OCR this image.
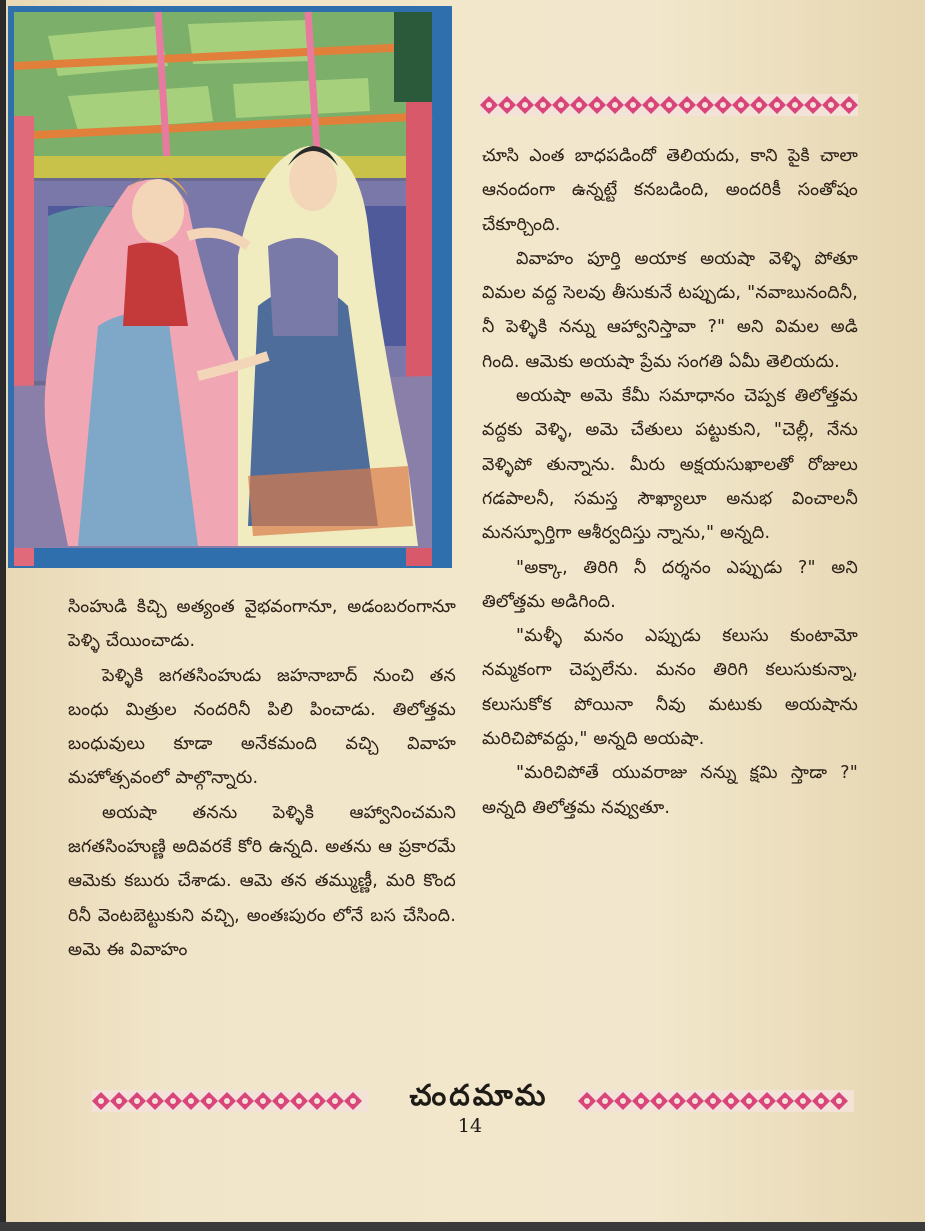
చూసి ఎంత బాధపడిందో తెలియదు, కాని పైకి చాలా ఆనందంగా ఉన్నట్టే కనబడింది, అందరికీ సంతోషం చేకూర్చింది.

వివాహం పూర్తి అయాక అయషా వెళ్ళి పోతూ విమల వద్ద సెలవు తీసుకునే టప్పుడు, "నవాబునందినీ, నీ పెళ్ళికి నన్ను ఆహ్వానిస్తావా ?" అని విమల అడి గింది. ఆమెకు అయషా ప్రేమ సంగతి ఏమీ తెలియదు.

అయషా అమె కేమీ సమాధానం చెప్పక తిలోత్తమ వద్దకు వెళ్ళి, అమె చేతులు పట్టుకుని, "చెల్లీ, నేను వెళ్ళిపో తున్నాను. మీరు అక్షయసుఖాలతో రోజులు గడపాలనీ, సమస్త సౌఖ్యాలూ అనుభ వించాలనీ మనస్ఫూర్తిగా ఆశీర్వదిస్తు న్నాను," అన్నది.

"అక్కా, తిరిగి నీ దర్శనం ఎప్పుడు ?" అని తిలోత్తమ అడిగింది.

"మళ్ళీ మనం ఎప్పుడు కలుసు కుంటామో నమ్మకంగా చెప్పలేను. మనం తిరిగి కలుసుకున్నా, కలుసుకోక పోయినా నీవు మటుకు అయషాను మరిచిపోవద్దు," అన్నది అయషా.

"మరిచిపోతే యువరాజు నన్ను క్షమి స్తాడా ?" అన్నది తిలోత్తమ నవ్వుతూ.

సింహుడి కిచ్చి అత్యంత వైభవంగానూ, అడంబరంగానూ పెళ్ళి చేయించాడు.

పెళ్ళికి జగతసింహుడు జహనాబాద్ నుంచి తన బంధు మిత్రుల నందరినీ పిలి పించాడు. తిలోత్తమ బంధువులు కూడా అనేకమంది వచ్చి వివాహ మహోత్సవంలో పాల్గొన్నారు.

అయషా తనను పెళ్ళికి ఆహ్వానించమని జగతసింహుణ్ణి అదివరకే కోరి ఉన్నది. అతను ఆ ప్రకారమే ఆమెకు కబురు చేశాడు. ఆమె తన తమ్ముణ్ణీ, మరి కొంద రినీ వెంటబెట్టుకుని వచ్చి, అంతఃపురం లోనే బస చేసింది. అమె ఈ వివాహం

చందమామ
14
